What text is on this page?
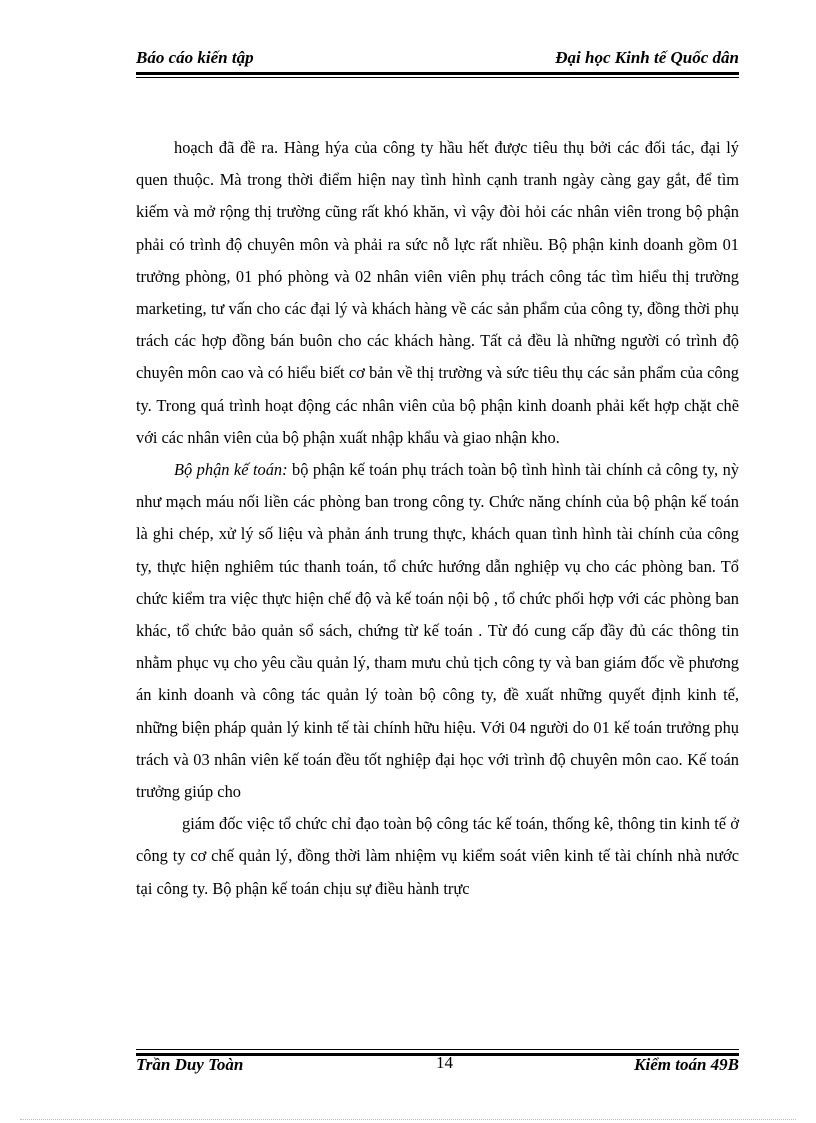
Báo cáo kiến tập	Đại học Kinh tế Quốc dân

hoạch đã đề ra. Hàng hýa của công ty hầu hết được tiêu thụ bởi các đối tác, đại lý quen thuộc. Mà trong thời điểm hiện nay tình hình cạnh tranh ngày càng gay gắt, để tìm kiếm và mở rộng thị trường cũng rất khó khăn, vì vậy đòi hỏi các nhân viên trong bộ phận phải có trình độ chuyên môn và phải ra sức nỗ lực rất nhiều. Bộ phận kinh doanh gồm 01 trưởng phòng, 01 phó phòng và 02 nhân viên viên phụ trách công tác tìm hiểu thị trường marketing, tư vấn cho các đại lý và khách hàng về các sản phẩm của công ty, đồng thời phụ trách các hợp đồng bán buôn cho các khách hàng. Tất cả đều là những người có trình độ chuyên môn cao và có hiểu biết cơ bản về thị trường và sức tiêu thụ các sản phẩm của công ty. Trong quá trình hoạt động các nhân viên của bộ phận kinh doanh phải kết hợp chặt chẽ với các nhân viên của bộ phận xuất nhập khẩu và giao nhận kho.

Bộ phận kế toán: bộ phận kế toán phụ trách toàn bộ tình hình tài chính cả công ty, nỳ như mạch máu nối liền các phòng ban trong công ty. Chức năng chính của bộ phận kế toán là ghi chép, xử lý số liệu và phản ánh trung thực, khách quan tình hình tài chính của công ty, thực hiện nghiêm túc thanh toán, tổ chức hướng dẫn nghiệp vụ cho các phòng ban. Tổ chức kiểm tra việc thực hiện chế độ và kế toán nội bộ , tổ chức phối hợp với các phòng ban khác, tổ chức bảo quản sổ sách, chứng từ kế toán . Từ đó cung cấp đầy đủ các thông tin nhằm phục vụ cho yêu cầu quản lý, tham mưu chủ tịch công ty và ban giám đốc về phương án kinh doanh và công tác quản lý toàn bộ công ty, đề xuất những quyết định kinh tế, những biện pháp quản lý kinh tế tài chính hữu hiệu. Với 04 người do 01 kế toán trưởng phụ trách và 03 nhân viên kế toán đều tốt nghiệp đại học với trình độ chuyên môn cao. Kế toán trưởng giúp cho

giám đốc việc tổ chức chỉ đạo toàn bộ công tác kế toán, thống kê, thông tin kinh tế ở công ty cơ chế quản lý, đồng thời làm nhiệm vụ kiểm soát viên kinh tế tài chính nhà nước tại công ty. Bộ phận kế toán chịu sự điều hành trực

Trần Duy Toàn	14	Kiểm toán 49B
